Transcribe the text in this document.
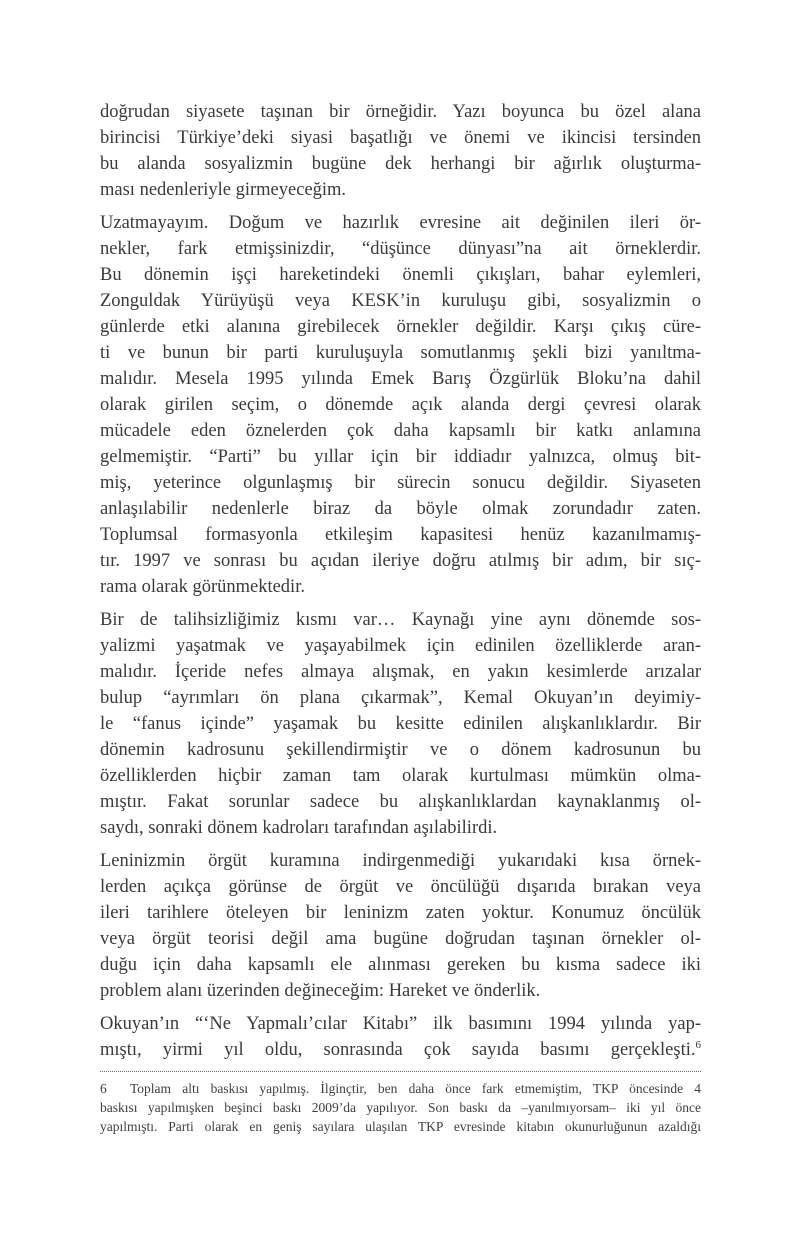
doğrudan siyasete taşınan bir örneğidir. Yazı boyunca bu özel alana
birincisi Türkiye’deki siyasi başatlığı ve önemi ve ikincisi tersinden
bu alanda sosyalizmin bugüne dek herhangi bir ağırlık oluşturma-
ması nedenleriyle girmeyeceğim.
Uzatmayayım. Doğum ve hazırlık evresine ait değinilen ileri ör-
nekler, fark etmişsinizdir, “düşünce dünyası”na ait örneklerdir.
Bu dönemin işçi hareketindeki önemli çıkışları, bahar eylemleri,
Zonguldak Yürüyüşü veya KESK’in kuruluşu gibi, sosyalizmin o
günlerde etki alanına girebilecek örnekler değildir. Karşı çıkış cüre-
ti ve bunun bir parti kuruluşuyla somutlanmış şekli bizi yanıltma-
malıdır. Mesela 1995 yılında Emek Barış Özgürlük Bloku’na dahil
olarak girilen seçim, o dönemde açık alanda dergi çevresi olarak
mücadele eden öznelerden çok daha kapsamlı bir katkı anlamına
gelmemiştir. “Parti” bu yıllar için bir iddiadır yalnızca, olmuş bit-
miş, yeterince olgunlaşmış bir sürecin sonucu değildir. Siyaseten
anlaşılabilir nedenlerle biraz da böyle olmak zorundadır zaten.
Toplumsal formasyonla etkileşim kapasitesi henüz kazanılmamış-
tır. 1997 ve sonrası bu açıdan ileriye doğru atılmış bir adım, bir sıç-
rama olarak görünmektedir.
Bir de talihsizliğimiz kısmı var… Kaynağı yine aynı dönemde sos-
yalizmi yaşatmak ve yaşayabilmek için edinilen özelliklerde aran-
malıdır. İçeride nefes almaya alışmak, en yakın kesimlerde arızalar
bulup “ayrımları ön plana çıkarmak”, Kemal Okuyan’ın deyimiy-
le “fanus içinde” yaşamak bu kesitte edinilen alışkanlıklardır. Bir
dönemin kadrosunu şekillendirmiştir ve o dönem kadrosunun bu
özelliklerden hiçbir zaman tam olarak kurtulması mümkün olma-
mıştır. Fakat sorunlar sadece bu alışkanlıklardan kaynaklanmış ol-
saydı, sonraki dönem kadroları tarafından aşılabilirdi.
Leninizmin örgüt kuramına indirgenmediği yukarıdaki kısa örnek-
lerden açıkça görünse de örgüt ve öncülüğü dışarıda bırakan veya
ileri tarihlere öteleyen bir leninizm zaten yoktur. Konumuz öncülük
veya örgüt teorisi değil ama bugüne doğrudan taşınan örnekler ol-
duğu için daha kapsamlı ele alınması gereken bu kısma sadece iki
problem alanı üzerinden değineceğim: Hareket ve önderlik.
Okuyan’ın “‘Ne Yapmalı’cılar Kitabı” ilk basımını 1994 yılında yap-
mıştı, yirmi yıl oldu, sonrasında çok sayıda basımı gerçekleşti.$^6$
6 Toplam altı baskısı yapılmış. İlginçtir, ben daha önce fark etmemiştim, TKP öncesinde 4
baskısı yapılmışken beşinci baskı 2009’da yapılıyor. Son baskı da –yanılmıyorsam– iki yıl önce
yapılmıştı. Parti olarak en geniş sayılara ulaşılan TKP evresinde kitabın okunurluğunun azaldığı
